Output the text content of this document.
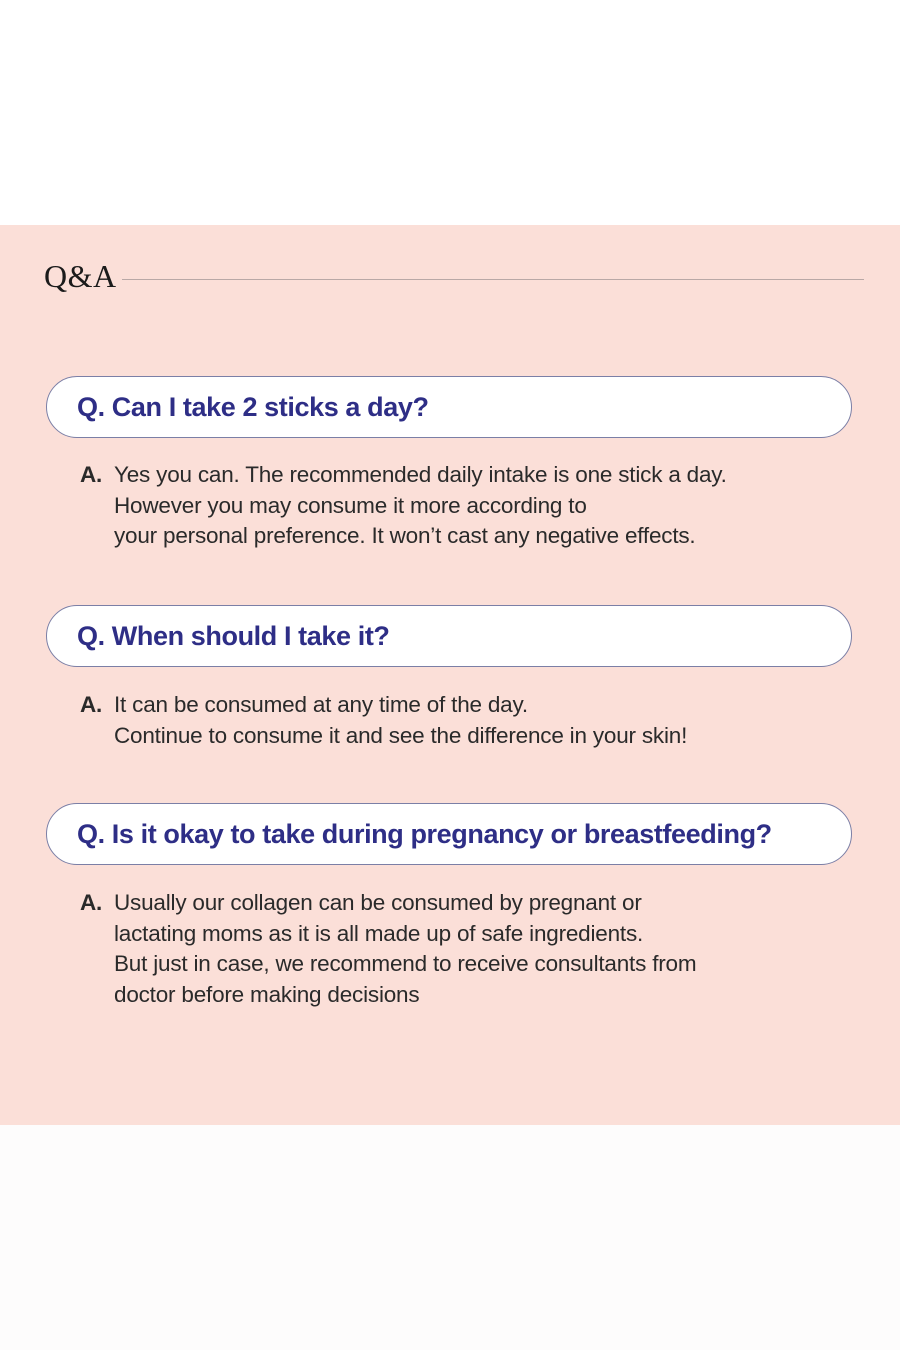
Q&A
Q. Can I take 2 sticks a day?
A. Yes you can. The recommended daily intake is one stick a day.
However you may consume it more according to
your personal preference. It won’t cast any negative effects.
Q. When should I take it?
A. It can be consumed at any time of the day.
Continue to consume it and see the difference in your skin!
Q. Is it okay to take during pregnancy or breastfeeding?
A. Usually our collagen can be consumed by pregnant or
lactating moms as it is all made up of safe ingredients.
But just in case, we recommend to receive consultants from
doctor before making decisions
